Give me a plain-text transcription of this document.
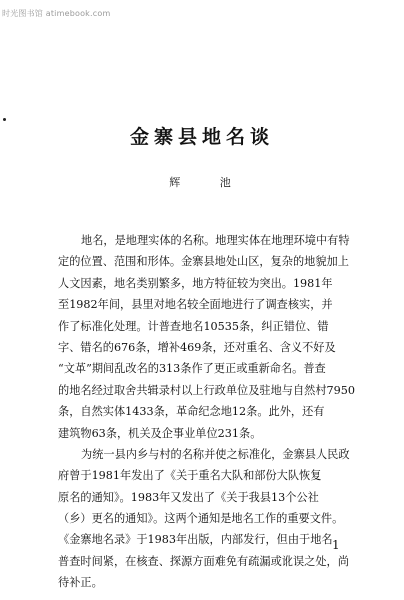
时光图书馆 atimebook.com
金寨县地名谈
辉 池
地名，是地理实体的名称。地理实体在地理环境中有特
定的位置、范围和形体。金寨县地处山区，复杂的地貌加上
人文因素，地名类别繁多，地方特征较为突出。1981年
至1982年间，县里对地名较全面地进行了调查核实，并
作了标准化处理。计普查地名10535条，纠正错位、错
字、错名的676条，增补469条，还对重名、含义不好及
“文革”期间乱改名的313条作了更正或重新命名。普查
的地名经过取舍共辑录村以上行政单位及驻地与自然村7950
条，自然实体1433条，革命纪念地12条。此外，还有
建筑物63条，机关及企事业单位231条。
为统一县内乡与村的名称并使之标准化，金寨县人民政
府曾于1981年发出了《关于重名大队和部份大队恢复
原名的通知》。1983年又发出了《关于我县13个公社
（乡）更名的通知》。这两个通知是地名工作的重要文件。
《金寨地名录》于1983年出版，内部发行，但由于地名
普查时间紧，在核查、探源方面难免有疏漏或讹误之处，尚
待补正。
1
